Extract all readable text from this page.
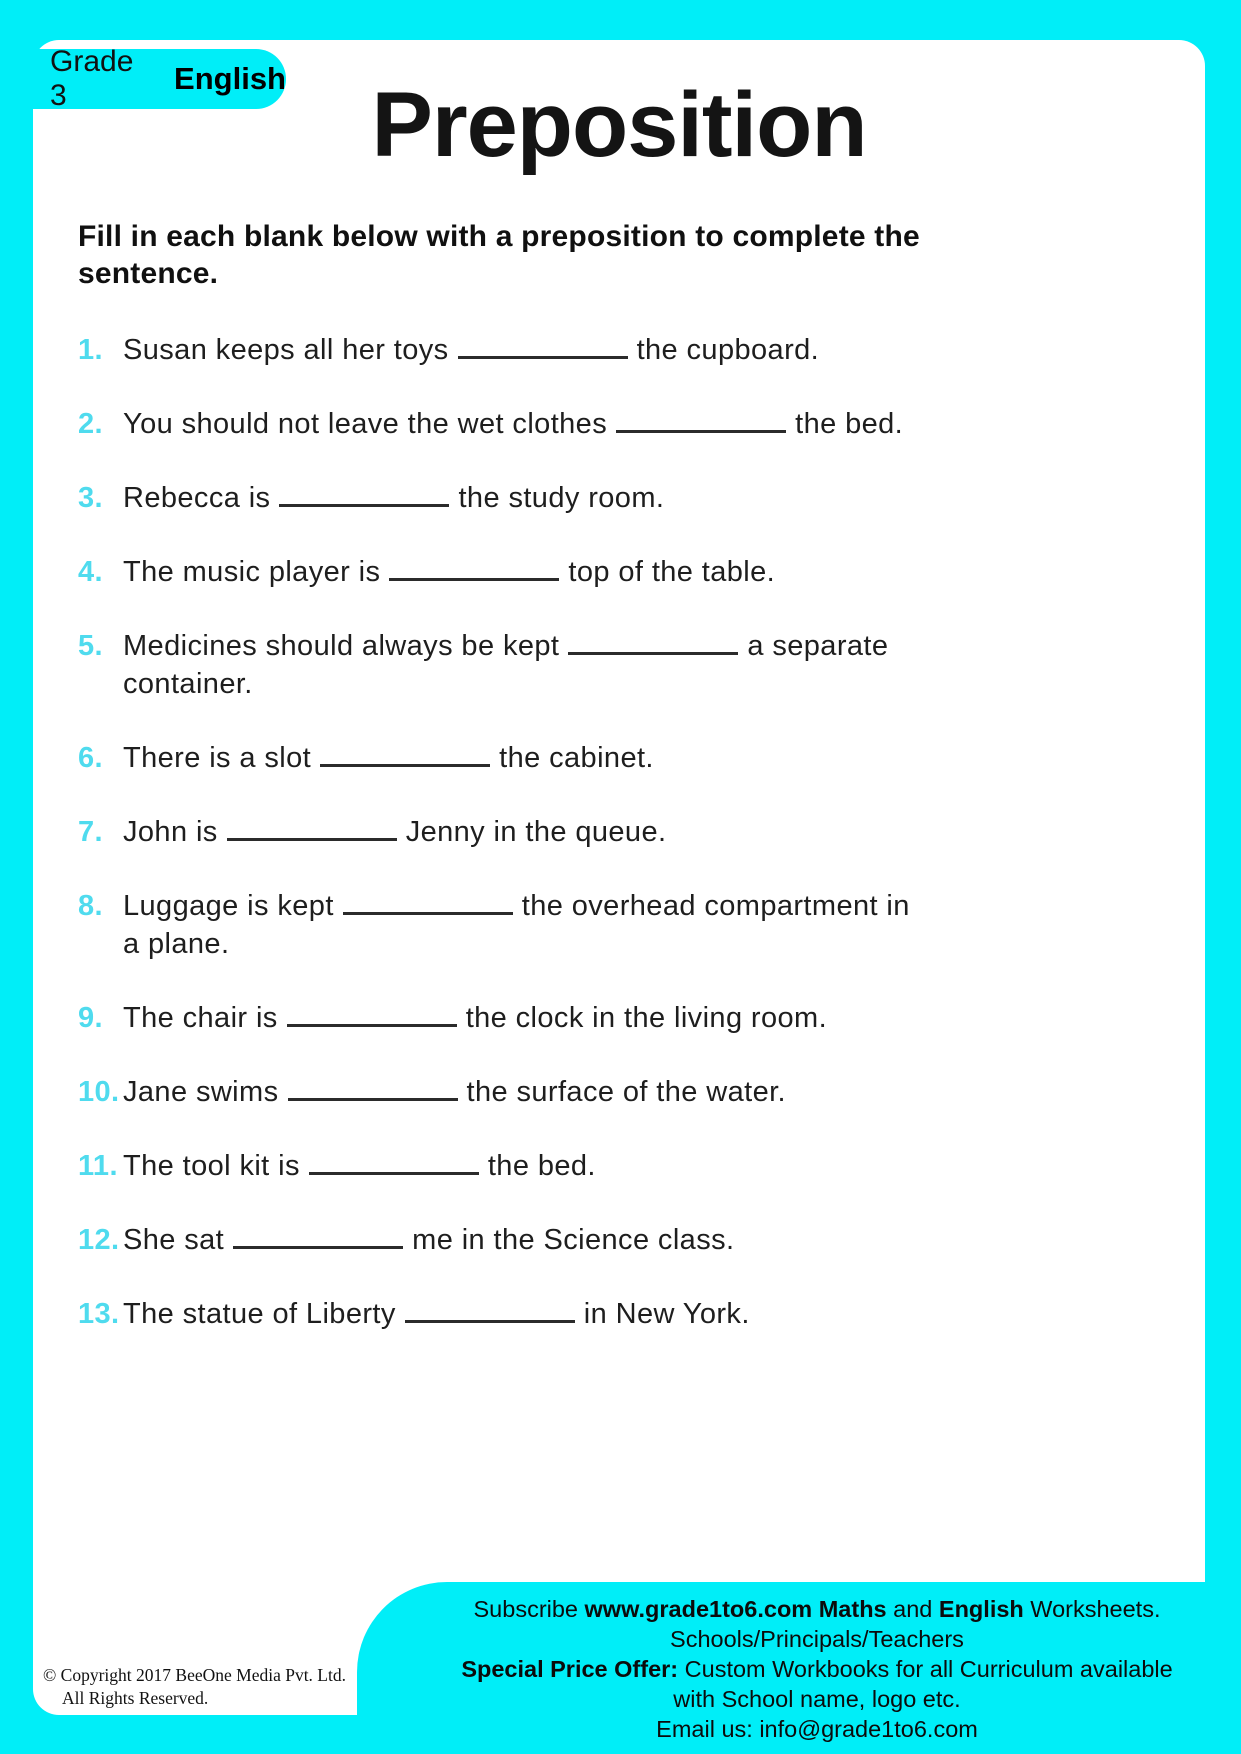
Preposition
Fill in each blank below with a preposition to complete the sentence.
1. Susan keeps all her toys	the cupboard.
2. You should not leave the wet clothes	the bed.
3. Rebecca is	the study room.
4. The music player is	top of the table.
5. Medicines should always be kept	a separate
container.
6. There is a slot	the cabinet.
7. John is	Jenny in the queue.
8. Luggage is kept	the overhead compartment in
a plane.
9. The chair is	the clock in the living room.
10. Jane swims	the surface of the water.
11. The tool kit is	the bed.
12. She sat	me in the Science class.
13. The statue of Liberty	in New York.
Grade 3	English
© Copyright 2017 BeeOne Media Pvt. Ltd.
All Rights Reserved.
Subscribe www.grade1to6.com Maths and English Worksheets.
Schools/Principals/Teachers
Special Price Offer: Custom Workbooks for all Curriculum available
with School name, logo etc.
Email us: info@grade1to6.com
